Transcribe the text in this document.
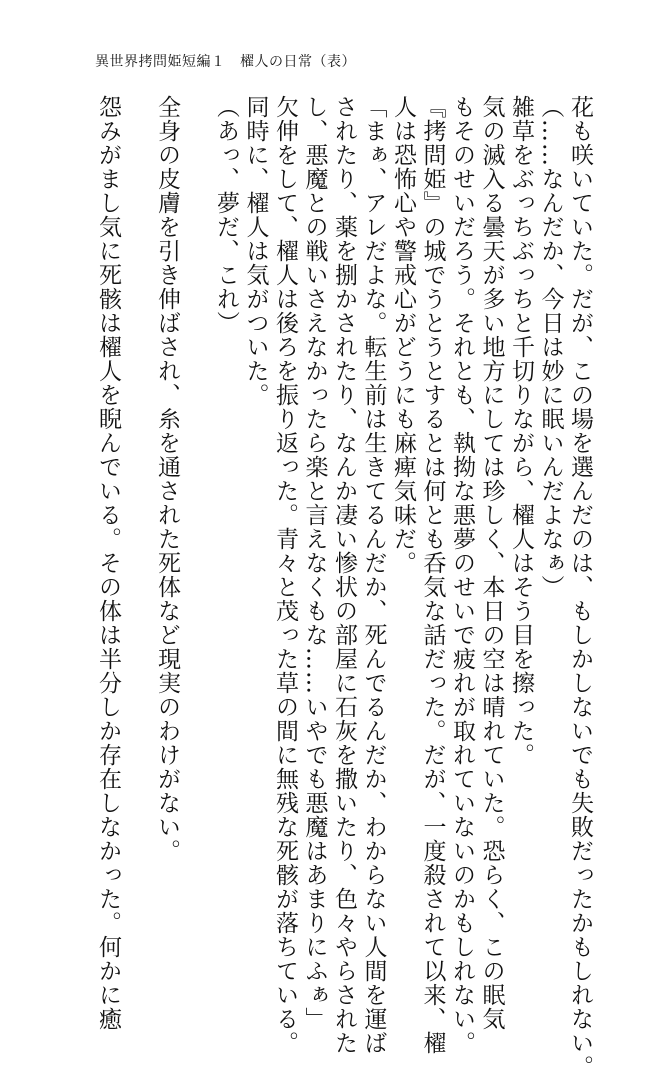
異世界拷問姫短編１　櫂人の日常（表）

花も咲いていた。だが、この場を選んだのは、もしかしないでも失敗だったかもしれない。

（……なんだか、今日は妙に眠いんだよなぁ）

雑草をぶっちぶっちと千切りながら、櫂人はそう目を擦った。

気の滅入る曇天が多い地方にしては珍しく、本日の空は晴れていた。恐らく、この眠気

もそのせいだろう。それとも、執拗な悪夢のせいで疲れが取れていないのかもしれない。

『拷問姫』の城でうとうとするとは何とも呑気な話だった。だが、一度殺されて以来、櫂

人は恐怖心や警戒心がどうにも麻痺気味だ。

「まぁ、アレだよな。転生前は生きてるんだか、死んでるんだか、わからない人間を運ば

されたり、薬を捌かされたり、なんか凄い惨状の部屋に石灰を撒いたり、色々やらされた

し、悪魔との戦いさえなかったら楽と言えなくもな……いやでも悪魔はあまりにふぁ」

欠伸をして、櫂人は後ろを振り返った。青々と茂った草の間に無残な死骸が落ちている。

同時に、櫂人は気がついた。

（あっ、夢だ、これ）

全身の皮膚を引き伸ばされ、糸を通された死体など現実のわけがない。

怨みがまし気に死骸は櫂人を睨んでいる。その体は半分しか存在しなかった。何かに癒
